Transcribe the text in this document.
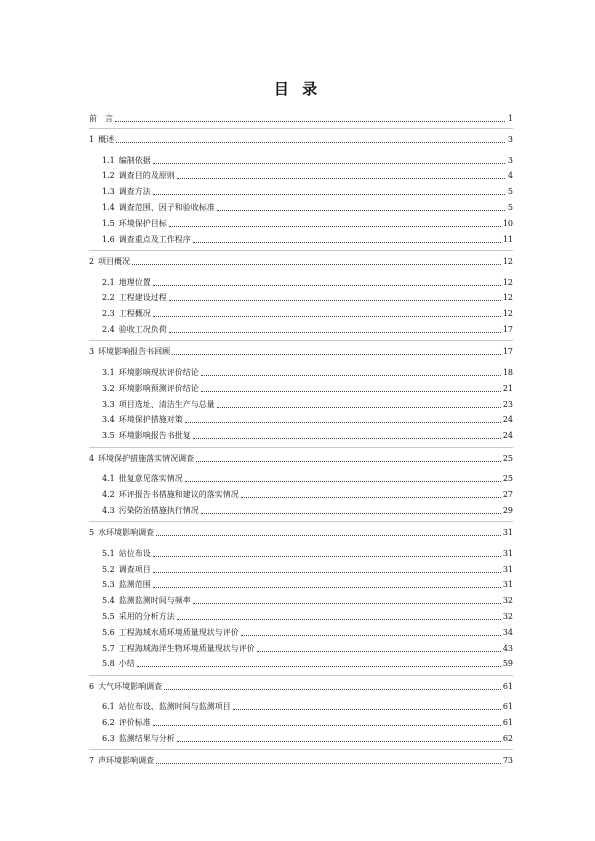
目 录
前　言	1
1 概述	3
1.1 编制依据	3
1.2 调查目的及原则	4
1.3 调查方法	5
1.4 调查范围、因子和验收标准	5
1.5 环境保护目标	10
1.6 调查重点及工作程序	11
2 项目概况	12
2.1 地理位置	12
2.2 工程建设过程	12
2.3 工程概况	12
2.4 验收工况负荷	17
3 环境影响报告书回顾	17
3.1 环境影响现状评价结论	18
3.2 环境影响预测评价结论	21
3.3 项目选址、清洁生产与总量	23
3.4 环境保护措施对策	24
3.5 环境影响报告书批复	24
4 环境保护措施落实情况调查	25
4.1 批复意见落实情况	25
4.2 环评报告书措施和建议的落实情况	27
4.3 污染防治措施执行情况	29
5 水环境影响调查	31
5.1 站位布设	31
5.2 调查项目	31
5.3 监测范围	31
5.4 监测监测时间与频率	32
5.5 采用的分析方法	32
5.6 工程海域水质环境质量现状与评价	34
5.7 工程海域海洋生物环境质量现状与评价	43
5.8 小结	59
6 大气环境影响调查	61
6.1 站位布设、监测时间与监测项目	61
6.2 评价标准	61
6.3 监测结果与分析	62
7 声环境影响调查	73
